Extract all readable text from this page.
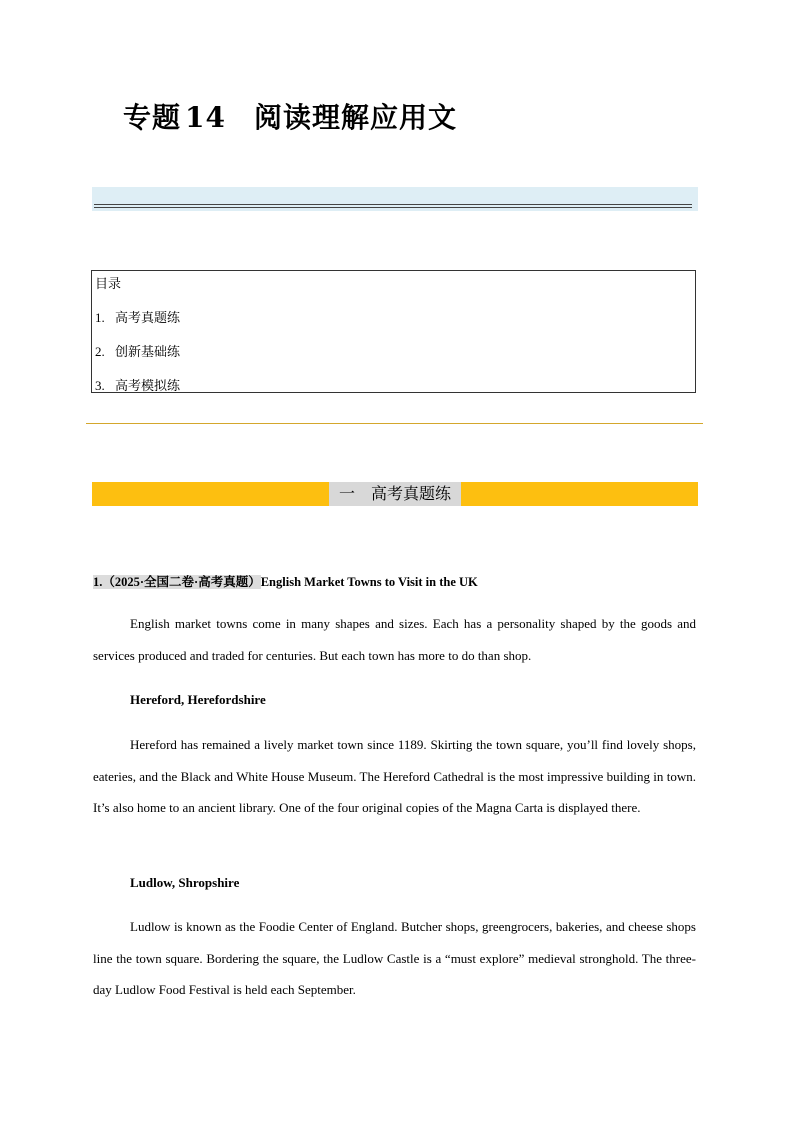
专题 14 阅读理解应用文
目录
1. 高考真题练
2. 创新基础练
3. 高考模拟练
一　高考真题练
1.（2025·全国二卷·高考真题）English Market Towns to Visit in the UK
English market towns come in many shapes and sizes. Each has a personality shaped by the goods and services produced and traded for centuries. But each town has more to do than shop.
Hereford, Herefordshire
Hereford has remained a lively market town since 1189. Skirting the town square, you’ll find lovely shops, eateries, and the Black and White House Museum. The Hereford Cathedral is the most impressive building in town. It’s also home to an ancient library. One of the four original copies of the Magna Carta is displayed there.
Ludlow, Shropshire
Ludlow is known as the Foodie Center of England. Butcher shops, greengrocers, bakeries, and cheese shops line the town square. Bordering the square, the Ludlow Castle is a “must explore” medieval stronghold. The three-day Ludlow Food Festival is held each September.
